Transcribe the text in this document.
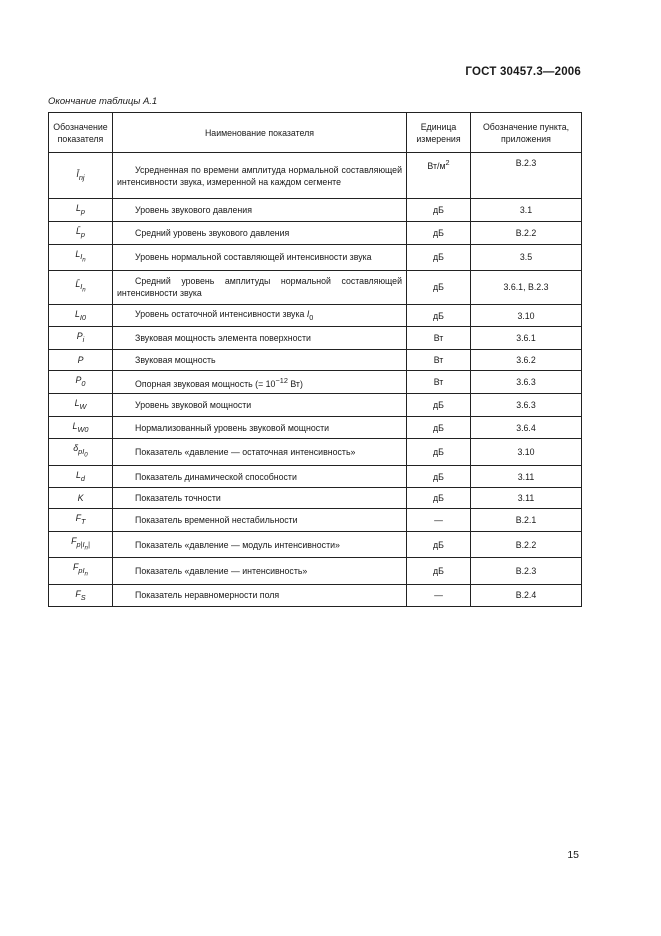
ГОСТ 30457.3—2006
Окончание таблицы А.1
Обозначение показателя	Наименование показателя	Единица измерения	Обозначение пункта, приложения
$Ī_{nj}$	Усредненная по времени амплитуда нормальной составляющей интенсивности звука, измеренной на каждом сегменте	$Вт/м^2$	В.2.3
$L_p$	Уровень звукового давления	дБ	3.1
$L̄_p$	Средний уровень звукового давления	дБ	В.2.2
$L_{I_n}$	Уровень нормальной составляющей интенсивности звука	дБ	3.5
$L̄_{I_n}$	Средний уровень амплитуды нормальной составляющей интенсивности звука	дБ	3.6.1, В.2.3
$L_{I0}$	Уровень остаточной интенсивности звука $I_0$	дБ	3.10
$P_i$	Звуковая мощность элемента поверхности	Вт	3.6.1
P	Звуковая мощность	Вт	3.6.2
$P_0$	Опорная звуковая мощность (= $10^{-12}$ Вт)	Вт	3.6.3
$L_W$	Уровень звуковой мощности	дБ	3.6.3
$L_{W0}$	Нормализованный уровень звуковой мощности	дБ	3.6.4
$\delta_{pI_0}$	Показатель «давление — остаточная интенсивность»	дБ	3.10
$L_d$	Показатель динамической способности	дБ	3.11
K	Показатель точности	дБ	3.11
$F_T$	Показатель временной нестабильности	—	В.2.1
$F_{p|I_n|}$	Показатель «давление — модуль интенсивности»	дБ	В.2.2
$F_{pI_n}$	Показатель «давление — интенсивность»	дБ	В.2.3
$F_S$	Показатель неравномерности поля	—	В.2.4
15
